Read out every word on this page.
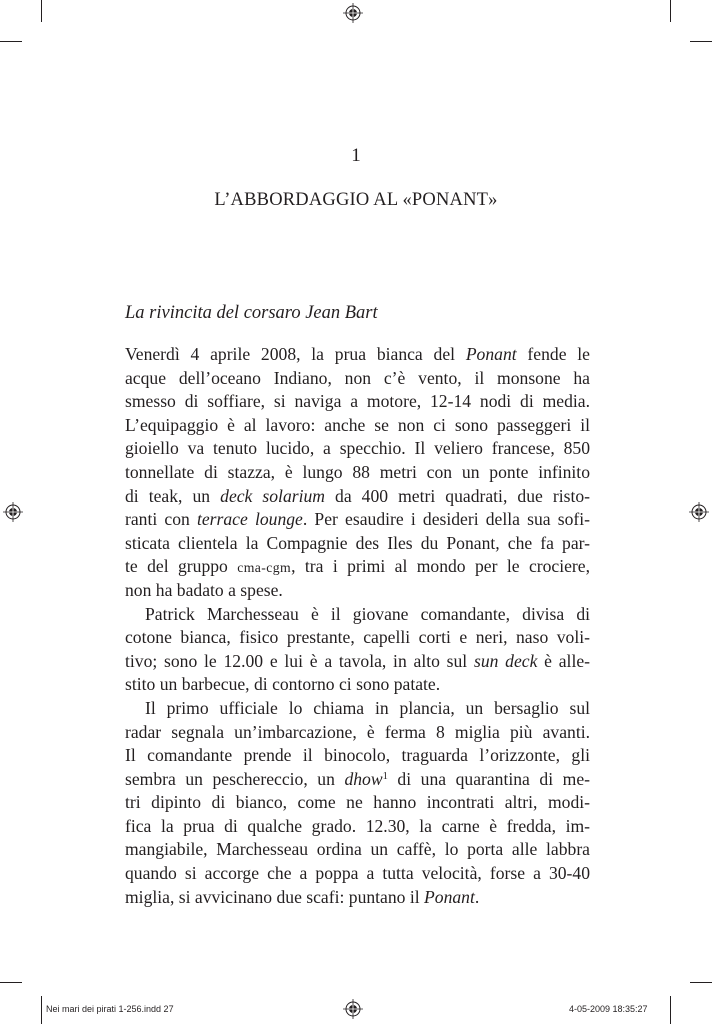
1
L’ABBORDAGGIO AL «PONANT»
La rivincita del corsaro Jean Bart
Venerdì 4 aprile 2008, la prua bianca del Ponant fende le
acque dell’oceano Indiano, non c’è vento, il monsone ha
smesso di soffiare, si naviga a motore, 12-14 nodi di media.
L’equipaggio è al lavoro: anche se non ci sono passeggeri il
gioiello va tenuto lucido, a specchio. Il veliero francese, 850
tonnellate di stazza, è lungo 88 metri con un ponte infinito
di teak, un deck solarium da 400 metri quadrati, due risto-
ranti con terrace lounge. Per esaudire i desideri della sua sofi-
sticata clientela la Compagnie des Iles du Ponant, che fa par-
te del gruppo cma-cgm, tra i primi al mondo per le crociere,
non ha badato a spese.
Patrick Marchesseau è il giovane comandante, divisa di
cotone bianca, fisico prestante, capelli corti e neri, naso voli-
tivo; sono le 12.00 e lui è a tavola, in alto sul sun deck è alle-
stito un barbecue, di contorno ci sono patate.
Il primo ufficiale lo chiama in plancia, un bersaglio sul
radar segnala un’imbarcazione, è ferma 8 miglia più avanti.
Il comandante prende il binocolo, traguarda l’orizzonte, gli
sembra un peschereccio, un dhow$^1$ di una quarantina di me-
tri dipinto di bianco, come ne hanno incontrati altri, modi-
fica la prua di qualche grado. 12.30, la carne è fredda, im-
mangiabile, Marchesseau ordina un caffè, lo porta alle labbra
quando si accorge che a poppa a tutta velocità, forse a 30-40
miglia, si avvicinano due scafi: puntano il Ponant.
Nei mari dei pirati 1-256.indd 27	4-05-2009 18:35:27
